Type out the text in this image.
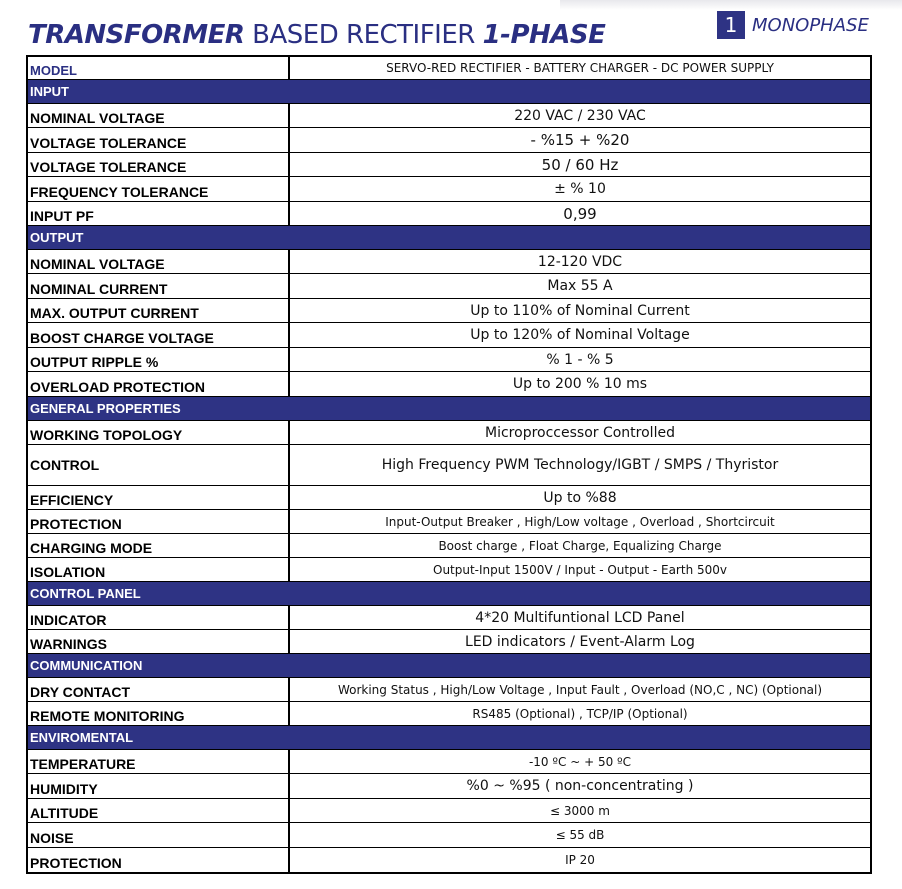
TRANSFORMER BASED RECTIFIER 1-PHASE	1 MONOPHASE
MODEL	SERVO-RED RECTIFIER - BATTERY CHARGER - DC POWER SUPPLY
INPUT
NOMINAL VOLTAGE	220 VAC / 230 VAC
VOLTAGE TOLERANCE	- %15 + %20
VOLTAGE TOLERANCE	50 / 60 Hz
FREQUENCY TOLERANCE	± % 10
INPUT PF	0,99
OUTPUT
NOMINAL VOLTAGE	12-120 VDC
NOMINAL CURRENT	Max 55 A
MAX. OUTPUT CURRENT	Up to 110% of Nominal Current
BOOST CHARGE VOLTAGE	Up to 120% of Nominal Voltage
OUTPUT RIPPLE %	% 1 - % 5
OVERLOAD PROTECTION	Up to 200 % 10 ms
GENERAL PROPERTIES
WORKING TOPOLOGY	Microproccessor Controlled
CONTROL	High Frequency PWM Technology/IGBT / SMPS / Thyristor
EFFICIENCY	Up to %88
PROTECTION	Input-Output Breaker , High/Low voltage , Overload , Shortcircuit
CHARGING MODE	Boost charge , Float Charge, Equalizing Charge
ISOLATION	Output-Input 1500V / Input - Output - Earth 500v
CONTROL PANEL
INDICATOR	4*20 Multifuntional LCD Panel
WARNINGS	LED indicators / Event-Alarm Log
COMMUNICATION
DRY CONTACT	Working Status , High/Low Voltage , Input Fault , Overload (NO,C , NC) (Optional)
REMOTE MONITORING	RS485 (Optional) , TCP/IP (Optional)
ENVIROMENTAL
TEMPERATURE	-10 ºC ~ + 50 ºC
HUMIDITY	%0 ~ %95 ( non-concentrating )
ALTITUDE	≤ 3000 m
NOISE	≤ 55 dB
PROTECTION	IP 20
